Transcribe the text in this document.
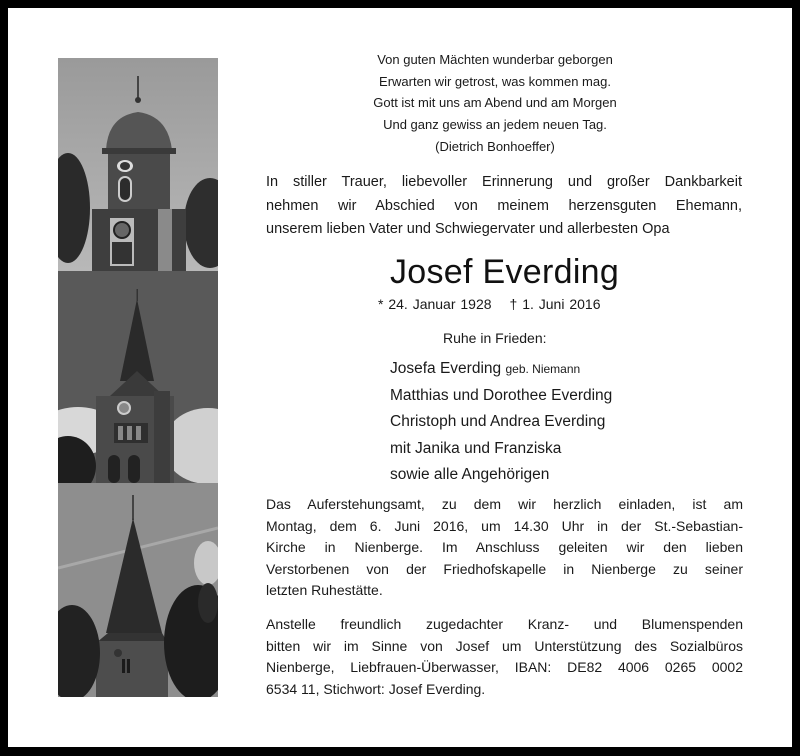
Von guten Mächten wunderbar geborgen
Erwarten wir getrost, was kommen mag.
Gott ist mit uns am Abend und am Morgen
Und ganz gewiss an jedem neuen Tag.
(Dietrich Bonhoeffer)
In stiller Trauer, liebevoller Erinnerung und großer Dankbarkeit
nehmen wir Abschied von meinem herzensguten Ehemann,
unserem lieben Vater und Schwiegervater und allerbesten Opa
Josef Everding
* 24. Januar 1928 † 1. Juni 2016
Ruhe in Frieden:
Josefa Everding geb. Niemann
Matthias und Dorothee Everding
Christoph und Andrea Everding
mit Janika und Franziska
sowie alle Angehörigen
Das Auferstehungsamt, zu dem wir herzlich einladen, ist am
Montag, dem 6. Juni 2016, um 14.30 Uhr in der St.-Sebastian-
Kirche in Nienberge. Im Anschluss geleiten wir den lieben
Verstorbenen von der Friedhofskapelle in Nienberge zu seiner
letzten Ruhestätte.
Anstelle freundlich zugedachter Kranz- und Blumenspenden
bitten wir im Sinne von Josef um Unterstützung des Sozialbüros
Nienberge, Liebfrauen-Überwasser, IBAN: DE82 4006 0265 0002
6534 11, Stichwort: Josef Everding.
